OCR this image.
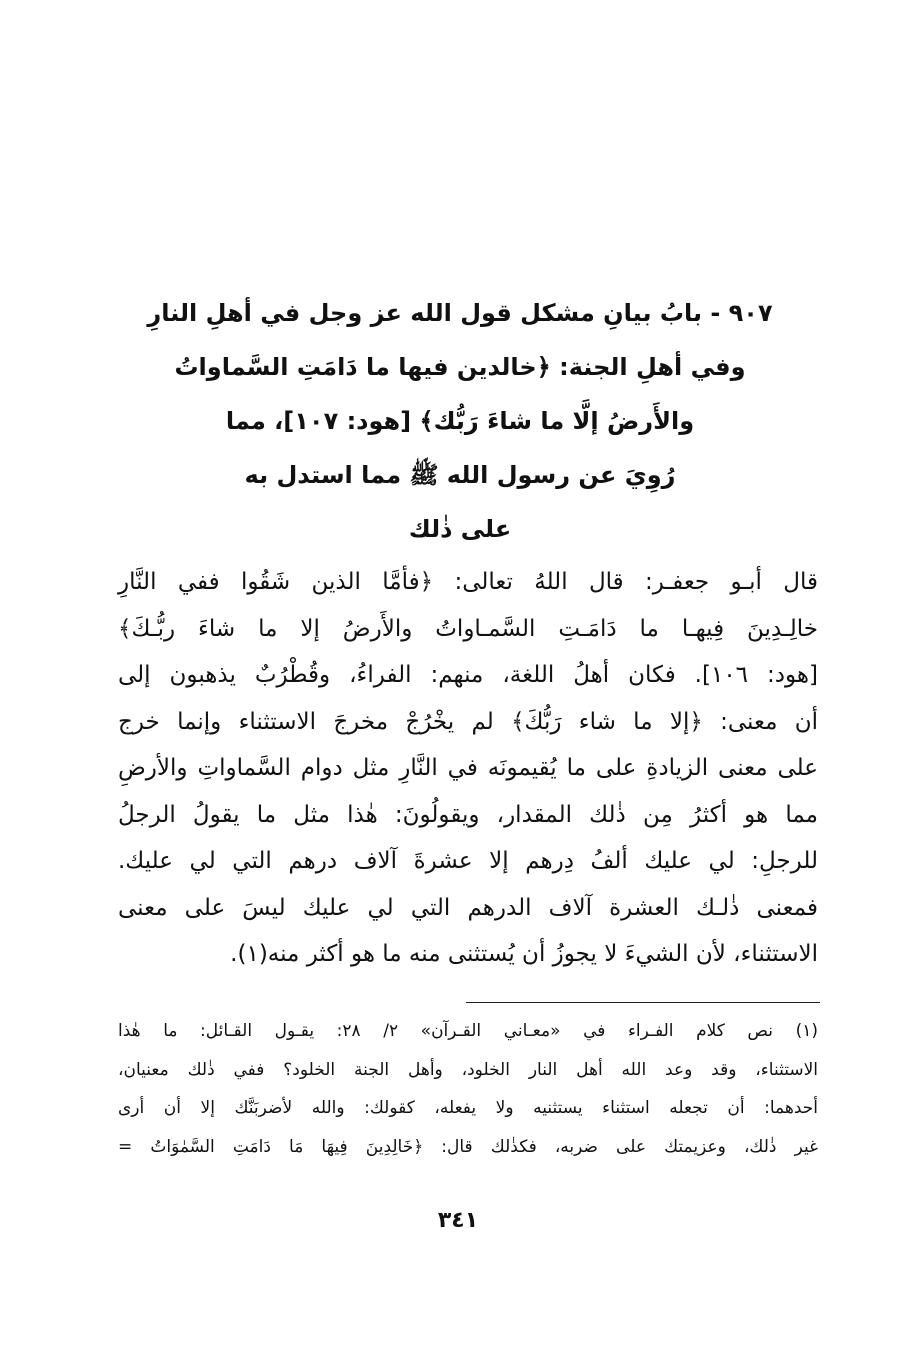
٩٠٧ - بابُ بيانِ مشكل قول الله عز وجل في أهلِ النارِ
وفي أهلِ الجنة: ﴿خالدين فيها ما دَامَتِ السَّماواتُ
والأَرضُ إلَّا ما شاءَ رَبُّك﴾ [هود: ١٠٧]، مما
رُوِيَ عن رسول الله ﷺ مما استدل به
على ذٰلك
قال أبـو جعفـر: قال اللهُ تعالى: ﴿فأمَّا الذين شَقُوا ففي النَّارِ
خالِـدِينَ فِيهـا ما دَامَـتِ السَّمـاواتُ والأَرضُ إلا ما شاءَ ربُّـكَ﴾
[هود: ١٠٦]. فكان أهلُ اللغة، منهم: الفراءُ، وقُطْرُبٌ يذهبون إلى
أن معنى: ﴿إلا ما شاء رَبُّكَ﴾ لم يخْرُجْ مخرجَ الاستثناء وإنما خرج
على معنى الزيادةِ على ما يُقيمونَه في النَّارِ مثل دوام السَّماواتِ والأرضِ
مما هو أكثرُ مِن ذٰلك المقدار، ويقولُونَ: هٰذا مثل ما يقولُ الرجلُ
للرجلِ: لي عليك ألفُ دِرهم إلا عشرةَ آلاف درهم التي لي عليك.
فمعنى ذٰلـك العشرة آلاف الدرهم التي لي عليك ليسَ على معنى
الاستثناء، لأن الشيءَ لا يجوزُ أن يُستثنى منه ما هو أكثر منه(١).
(١) نص كلام الفـراء في «معـاني القـرآن» ٢/ ٢٨: يقـول القـائل: ما هٰذا
الاستثناء، وقد وعد الله أهل النار الخلود، وأهل الجنة الخلود؟ ففي ذٰلك معنيان،
أحدهما: أن تجعله استثناء يستثنيه ولا يفعله، كقولك: والله لأضربَنَّك إلا أن أرى
غير ذٰلك، وعزيمتك على ضربه، فكذٰلك قال: ﴿خَالِدِينَ فِيهَا مَا دَامَتِ السَّمٰوَاتُ =
٣٤١
